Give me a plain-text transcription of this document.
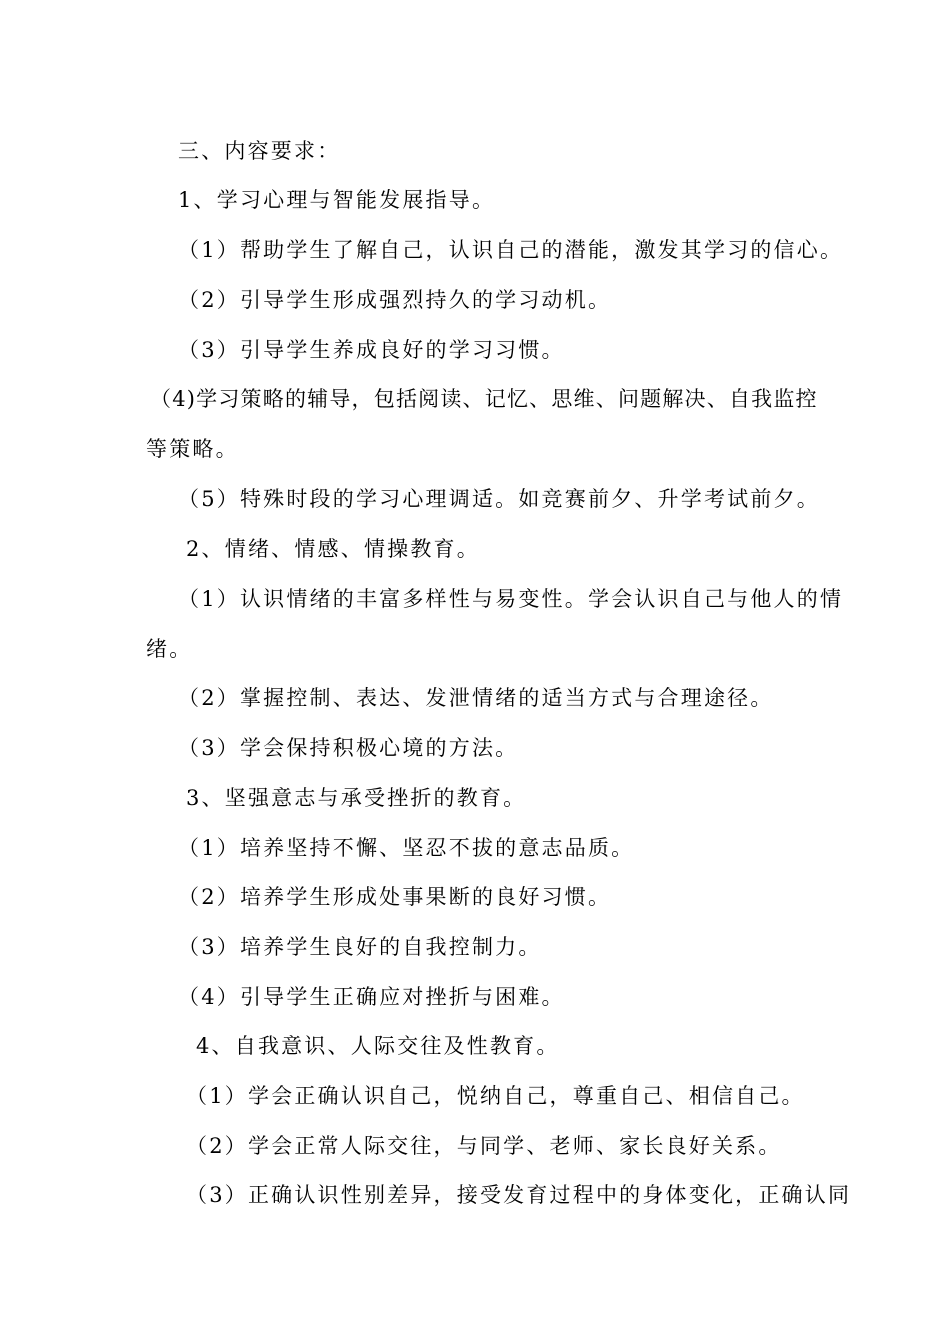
三、内容要求：
1、学习心理与智能发展指导。
（1）帮助学生了解自己，认识自己的潜能，激发其学习的信心。
（2）引导学生形成强烈持久的学习动机。
（3）引导学生养成良好的学习习惯。
（4)学习策略的辅导，包括阅读、记忆、思维、问题解决、自我监控
等策略。
（5）特殊时段的学习心理调适。如竞赛前夕、升学考试前夕。
2、情绪、情感、情操教育。
（1）认识情绪的丰富多样性与易变性。学会认识自己与他人的情
绪。
（2）掌握控制、表达、发泄情绪的适当方式与合理途径。
（3）学会保持积极心境的方法。
3、坚强意志与承受挫折的教育。
（1）培养坚持不懈、坚忍不拔的意志品质。
（2）培养学生形成处事果断的良好习惯。
（3）培养学生良好的自我控制力。
（4）引导学生正确应对挫折与困难。
4、自我意识、人际交往及性教育。
（1）学会正确认识自己，悦纳自己，尊重自己、相信自己。
（2）学会正常人际交往，与同学、老师、家长良好关系。
（3）正确认识性别差异，接受发育过程中的身体变化，正确认同
